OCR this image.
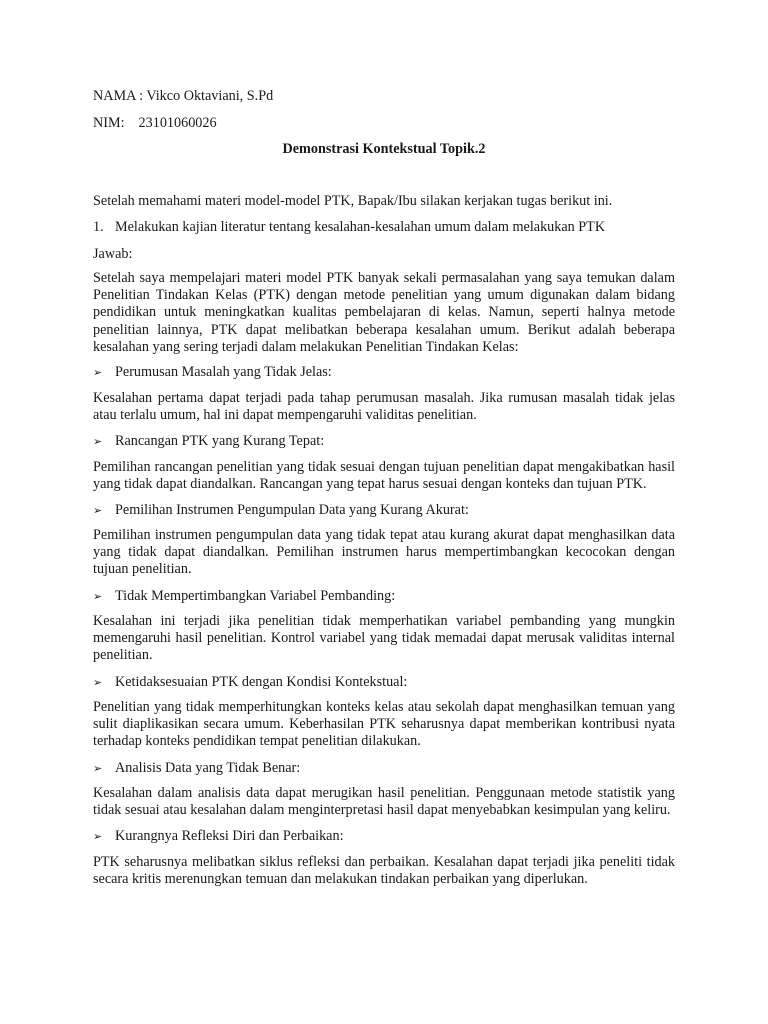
NAMA : Vikco Oktaviani, S.Pd
NIM: 23101060026
Demonstrasi Kontekstual Topik.2
Setelah memahami materi model-model PTK, Bapak/Ibu silakan kerjakan tugas berikut ini.
1. Melakukan kajian literatur tentang kesalahan-kesalahan umum dalam melakukan PTK
Jawab:
Setelah saya mempelajari materi model PTK banyak sekali permasalahan yang saya temukan dalam Penelitian Tindakan Kelas (PTK) dengan metode penelitian yang umum digunakan dalam bidang pendidikan untuk meningkatkan kualitas pembelajaran di kelas. Namun, seperti halnya metode penelitian lainnya, PTK dapat melibatkan beberapa kesalahan umum. Berikut adalah beberapa kesalahan yang sering terjadi dalam melakukan Penelitian Tindakan Kelas:
➢ Perumusan Masalah yang Tidak Jelas:
Kesalahan pertama dapat terjadi pada tahap perumusan masalah. Jika rumusan masalah tidak jelas atau terlalu umum, hal ini dapat mempengaruhi validitas penelitian.
➢ Rancangan PTK yang Kurang Tepat:
Pemilihan rancangan penelitian yang tidak sesuai dengan tujuan penelitian dapat mengakibatkan hasil yang tidak dapat diandalkan. Rancangan yang tepat harus sesuai dengan konteks dan tujuan PTK.
➢ Pemilihan Instrumen Pengumpulan Data yang Kurang Akurat:
Pemilihan instrumen pengumpulan data yang tidak tepat atau kurang akurat dapat menghasilkan data yang tidak dapat diandalkan. Pemilihan instrumen harus mempertimbangkan kecocokan dengan tujuan penelitian.
➢ Tidak Mempertimbangkan Variabel Pembanding:
Kesalahan ini terjadi jika penelitian tidak memperhatikan variabel pembanding yang mungkin memengaruhi hasil penelitian. Kontrol variabel yang tidak memadai dapat merusak validitas internal penelitian.
➢ Ketidaksesuaian PTK dengan Kondisi Kontekstual:
Penelitian yang tidak memperhitungkan konteks kelas atau sekolah dapat menghasilkan temuan yang sulit diaplikasikan secara umum. Keberhasilan PTK seharusnya dapat memberikan kontribusi nyata terhadap konteks pendidikan tempat penelitian dilakukan.
➢ Analisis Data yang Tidak Benar:
Kesalahan dalam analisis data dapat merugikan hasil penelitian. Penggunaan metode statistik yang tidak sesuai atau kesalahan dalam menginterpretasi hasil dapat menyebabkan kesimpulan yang keliru.
➢ Kurangnya Refleksi Diri dan Perbaikan:
PTK seharusnya melibatkan siklus refleksi dan perbaikan. Kesalahan dapat terjadi jika peneliti tidak secara kritis merenungkan temuan dan melakukan tindakan perbaikan yang diperlukan.
